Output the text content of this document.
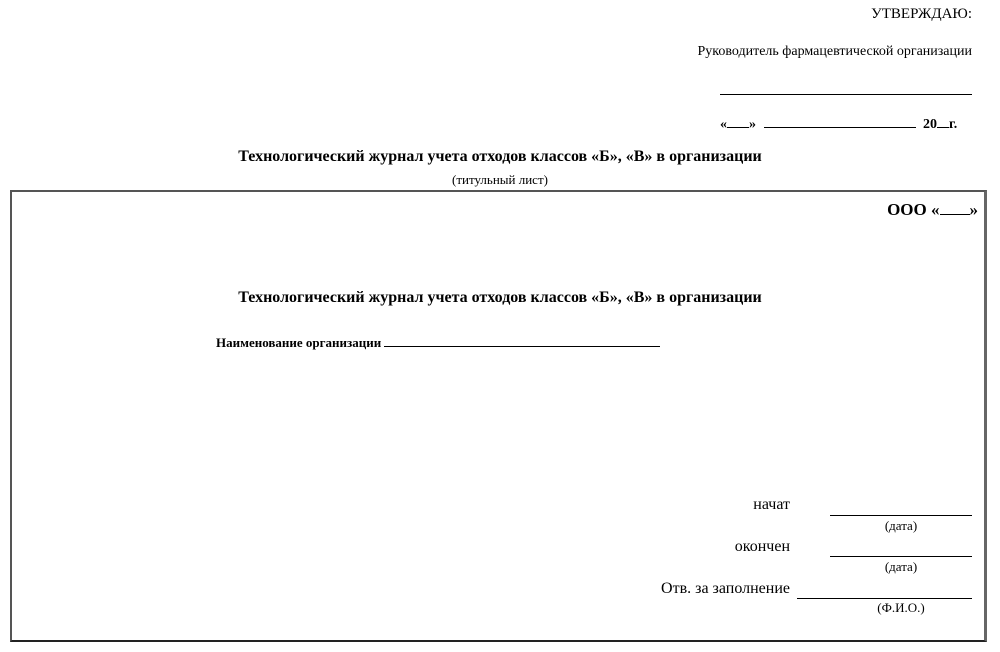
УТВЕРЖДАЮ:
Руководитель фармацевтической организации
« »	20 г.
Технологический журнал учета отходов классов «Б», «В» в организации
(титульный лист)
ООО « »
Технологический журнал учета отходов классов «Б», «В» в организации
Наименование организации
начат
(дата)
окончен
(дата)
Отв. за заполнение
(Ф.И.О.)
